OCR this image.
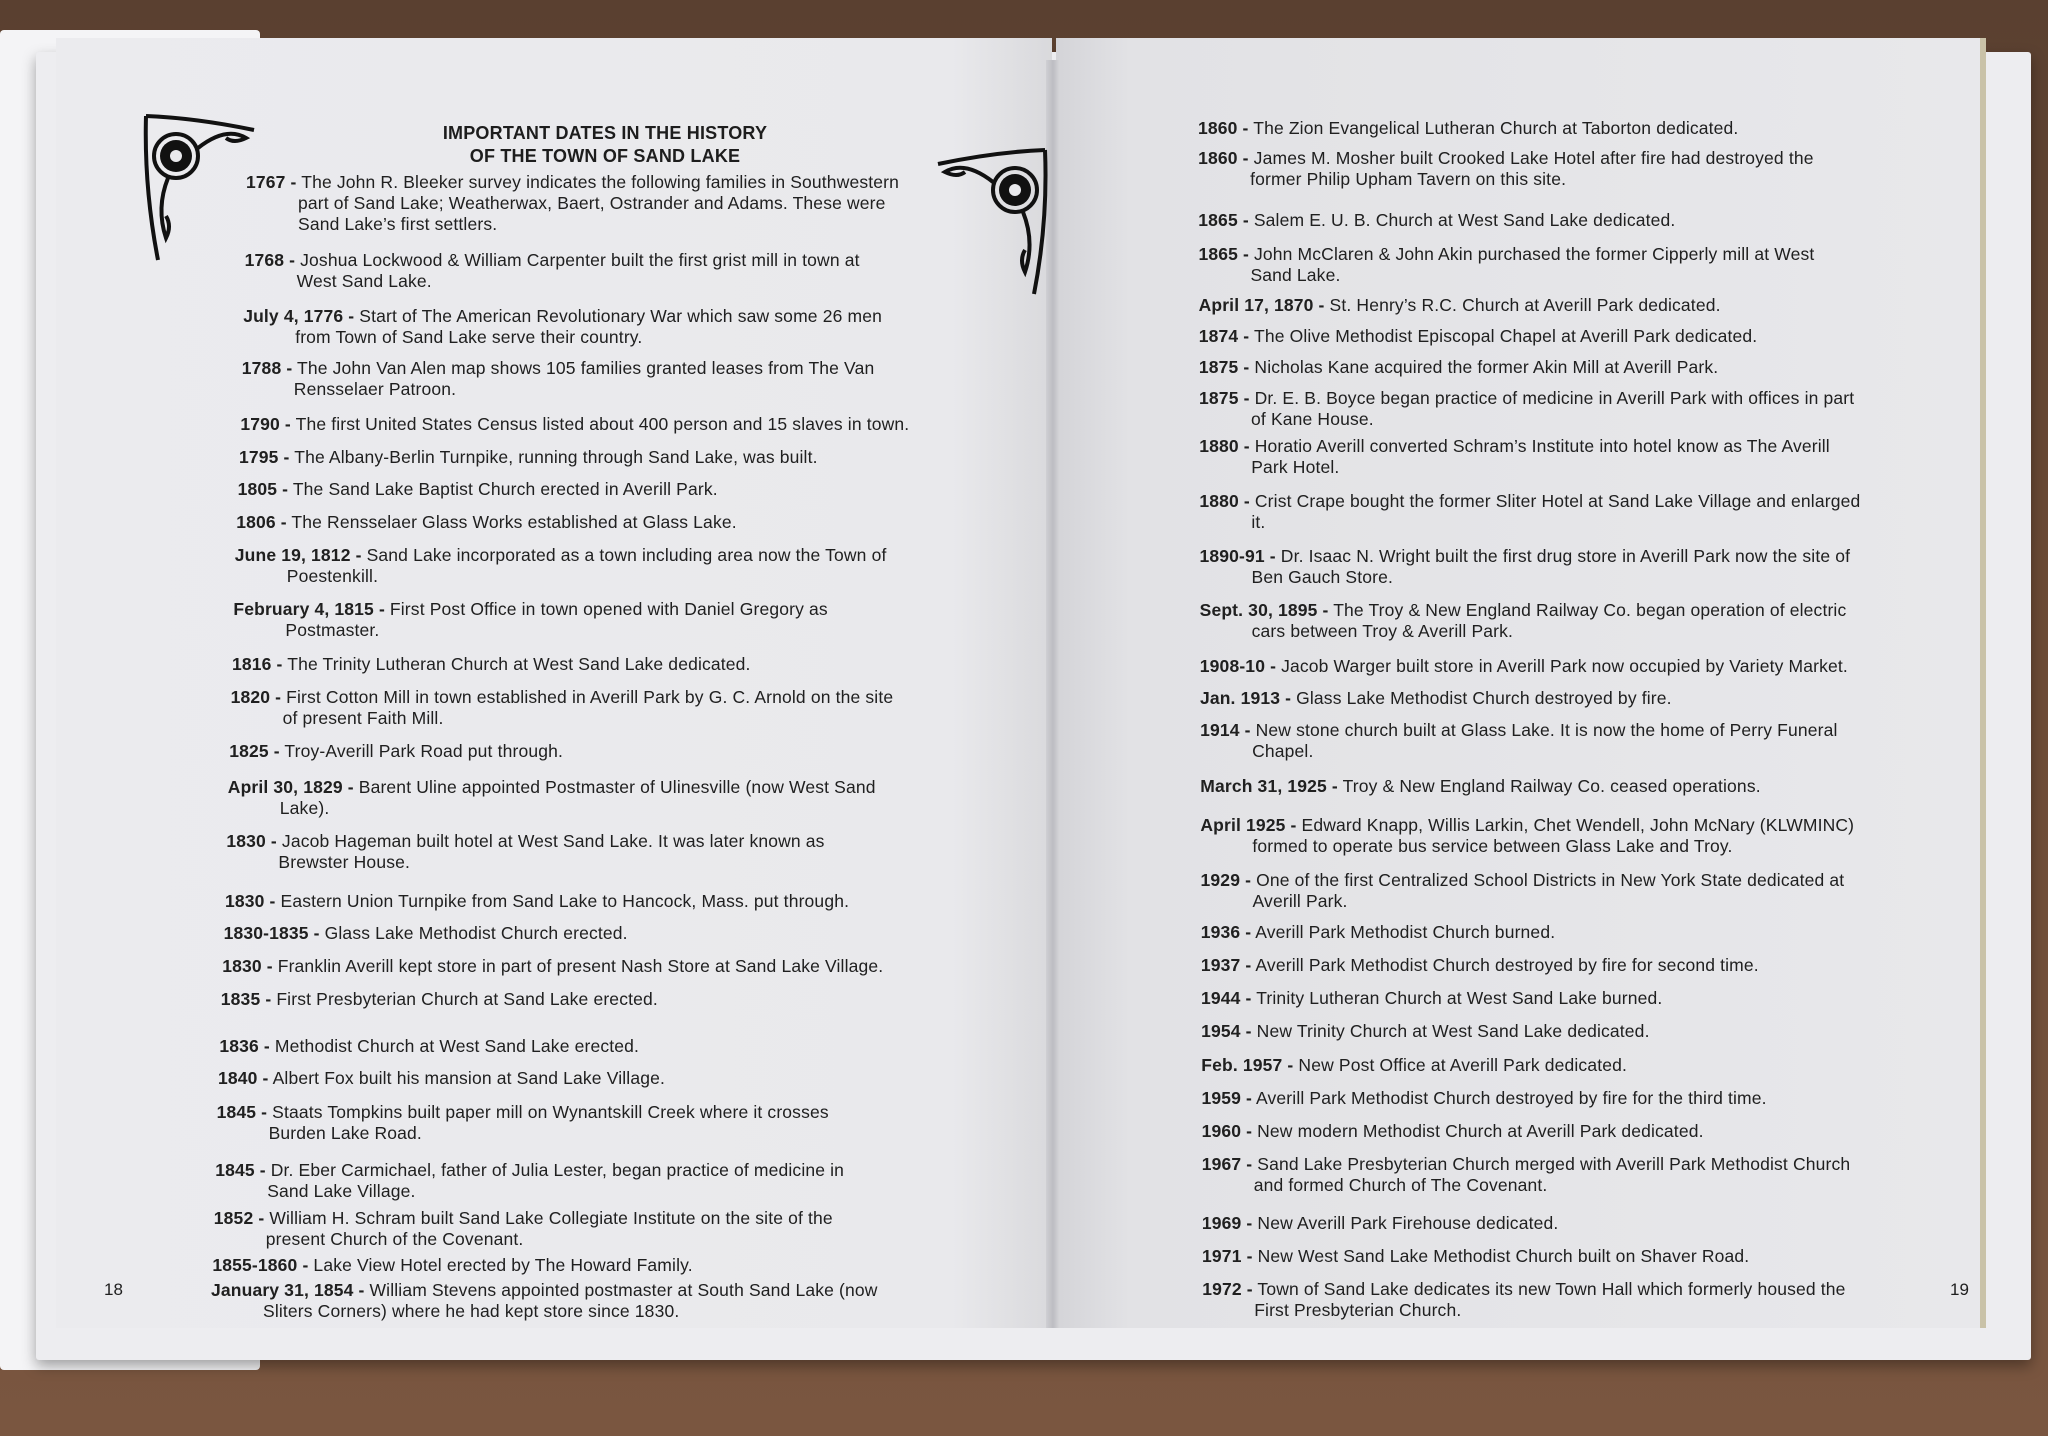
IMPORTANT DATES IN THE HISTORY
OF THE TOWN OF SAND LAKE
1767 - The John R. Bleeker survey indicates the following families in Southwestern
part of Sand Lake; Weatherwax, Baert, Ostrander and Adams. These were
Sand Lake’s first settlers.
1768 - Joshua Lockwood & William Carpenter built the first grist mill in town at
West Sand Lake.
July 4, 1776 - Start of The American Revolutionary War which saw some 26 men
from Town of Sand Lake serve their country.
1788 - The John Van Alen map shows 105 families granted leases from The Van
Rensselaer Patroon.
1790 - The first United States Census listed about 400 person and 15 slaves in town.
1795 - The Albany-Berlin Turnpike, running through Sand Lake, was built.
1805 - The Sand Lake Baptist Church erected in Averill Park.
1806 - The Rensselaer Glass Works established at Glass Lake.
June 19, 1812 - Sand Lake incorporated as a town including area now the Town of
Poestenkill.
February 4, 1815 - First Post Office in town opened with Daniel Gregory as
Postmaster.
1816 - The Trinity Lutheran Church at West Sand Lake dedicated.
1820 - First Cotton Mill in town established in Averill Park by G. C. Arnold on the site
of present Faith Mill.
1825 - Troy-Averill Park Road put through.
April 30, 1829 - Barent Uline appointed Postmaster of Ulinesville (now West Sand
Lake).
1830 - Jacob Hageman built hotel at West Sand Lake. It was later known as
Brewster House.
1830 - Eastern Union Turnpike from Sand Lake to Hancock, Mass. put through.
1830-1835 - Glass Lake Methodist Church erected.
1830 - Franklin Averill kept store in part of present Nash Store at Sand Lake Village.
1835 - First Presbyterian Church at Sand Lake erected.
1836 - Methodist Church at West Sand Lake erected.
1840 - Albert Fox built his mansion at Sand Lake Village.
1845 - Staats Tompkins built paper mill on Wynantskill Creek where it crosses
Burden Lake Road.
1845 - Dr. Eber Carmichael, father of Julia Lester, began practice of medicine in
Sand Lake Village.
1852 - William H. Schram built Sand Lake Collegiate Institute on the site of the
present Church of the Covenant.
1855-1860 - Lake View Hotel erected by The Howard Family.
January 31, 1854 - William Stevens appointed postmaster at South Sand Lake (now
Sliters Corners) where he had kept store since 1830.
1860 - The Zion Evangelical Lutheran Church at Taborton dedicated.
1860 - James M. Mosher built Crooked Lake Hotel after fire had destroyed the
former Philip Upham Tavern on this site.
1865 - Salem E. U. B. Church at West Sand Lake dedicated.
1865 - John McClaren & John Akin purchased the former Cipperly mill at West
Sand Lake.
April 17, 1870 - St. Henry’s R.C. Church at Averill Park dedicated.
1874 - The Olive Methodist Episcopal Chapel at Averill Park dedicated.
1875 - Nicholas Kane acquired the former Akin Mill at Averill Park.
1875 - Dr. E. B. Boyce began practice of medicine in Averill Park with offices in part
of Kane House.
1880 - Horatio Averill converted Schram’s Institute into hotel know as The Averill
Park Hotel.
1880 - Crist Crape bought the former Sliter Hotel at Sand Lake Village and enlarged
it.
1890-91 - Dr. Isaac N. Wright built the first drug store in Averill Park now the site of
Ben Gauch Store.
Sept. 30, 1895 - The Troy & New England Railway Co. began operation of electric
cars between Troy & Averill Park.
1908-10 - Jacob Warger built store in Averill Park now occupied by Variety Market.
Jan. 1913 - Glass Lake Methodist Church destroyed by fire.
1914 - New stone church built at Glass Lake. It is now the home of Perry Funeral
Chapel.
March 31, 1925 - Troy & New England Railway Co. ceased operations.
April 1925 - Edward Knapp, Willis Larkin, Chet Wendell, John McNary (KLWMINC)
formed to operate bus service between Glass Lake and Troy.
1929 - One of the first Centralized School Districts in New York State dedicated at
Averill Park.
1936 - Averill Park Methodist Church burned.
1937 - Averill Park Methodist Church destroyed by fire for second time.
1944 - Trinity Lutheran Church at West Sand Lake burned.
1954 - New Trinity Church at West Sand Lake dedicated.
Feb. 1957 - New Post Office at Averill Park dedicated.
1959 - Averill Park Methodist Church destroyed by fire for the third time.
1960 - New modern Methodist Church at Averill Park dedicated.
1967 - Sand Lake Presbyterian Church merged with Averill Park Methodist Church
and formed Church of The Covenant.
1969 - New Averill Park Firehouse dedicated.
1971 - New West Sand Lake Methodist Church built on Shaver Road.
1972 - Town of Sand Lake dedicates its new Town Hall which formerly housed the
First Presbyterian Church.
18	19
